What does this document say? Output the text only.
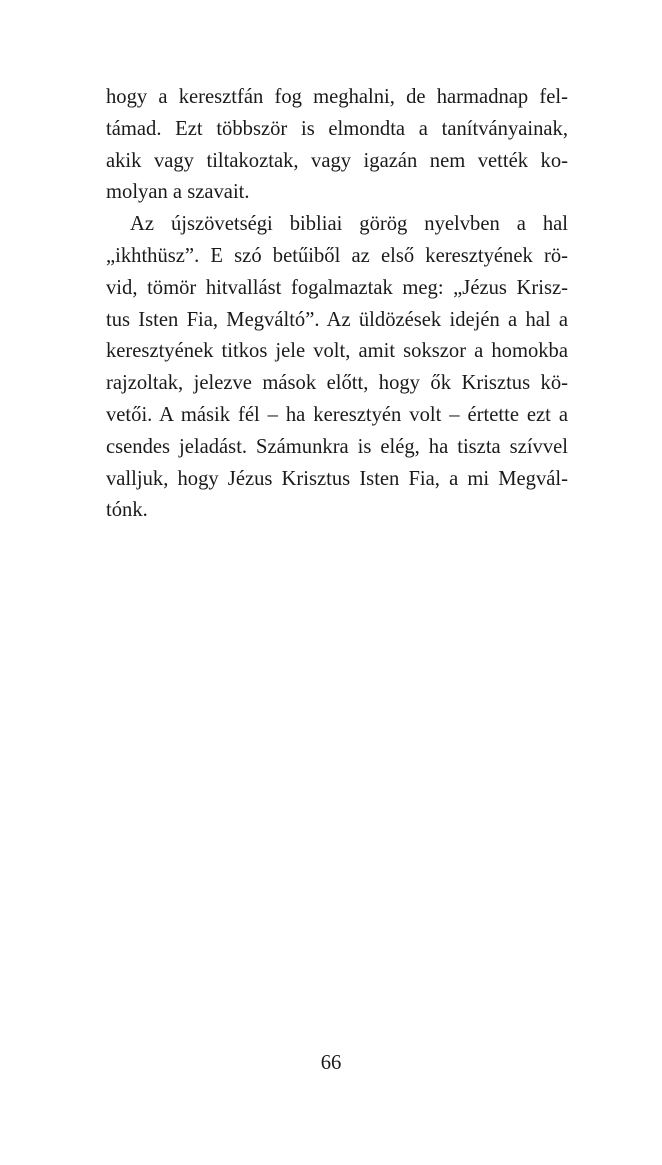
hogy a keresztfán fog meghalni, de harmadnap fel-
támad. Ezt többször is elmondta a tanítványainak,
akik vagy tiltakoztak, vagy igazán nem vették ko-
molyan a szavait.
Az újszövetségi bibliai görög nyelvben a hal
„ikhthüsz”. E szó betűiből az első keresztyének rö-
vid, tömör hitvallást fogalmaztak meg: „Jézus Krisz-
tus Isten Fia, Megváltó”. Az üldözések idején a hal a
keresztyének titkos jele volt, amit sokszor a homokba
rajzoltak, jelezve mások előtt, hogy ők Krisztus kö-
vetői. A másik fél – ha keresztyén volt – értette ezt a
csendes jeladást. Számunkra is elég, ha tiszta szívvel
valljuk, hogy Jézus Krisztus Isten Fia, a mi Megvál-
tónk.
66
